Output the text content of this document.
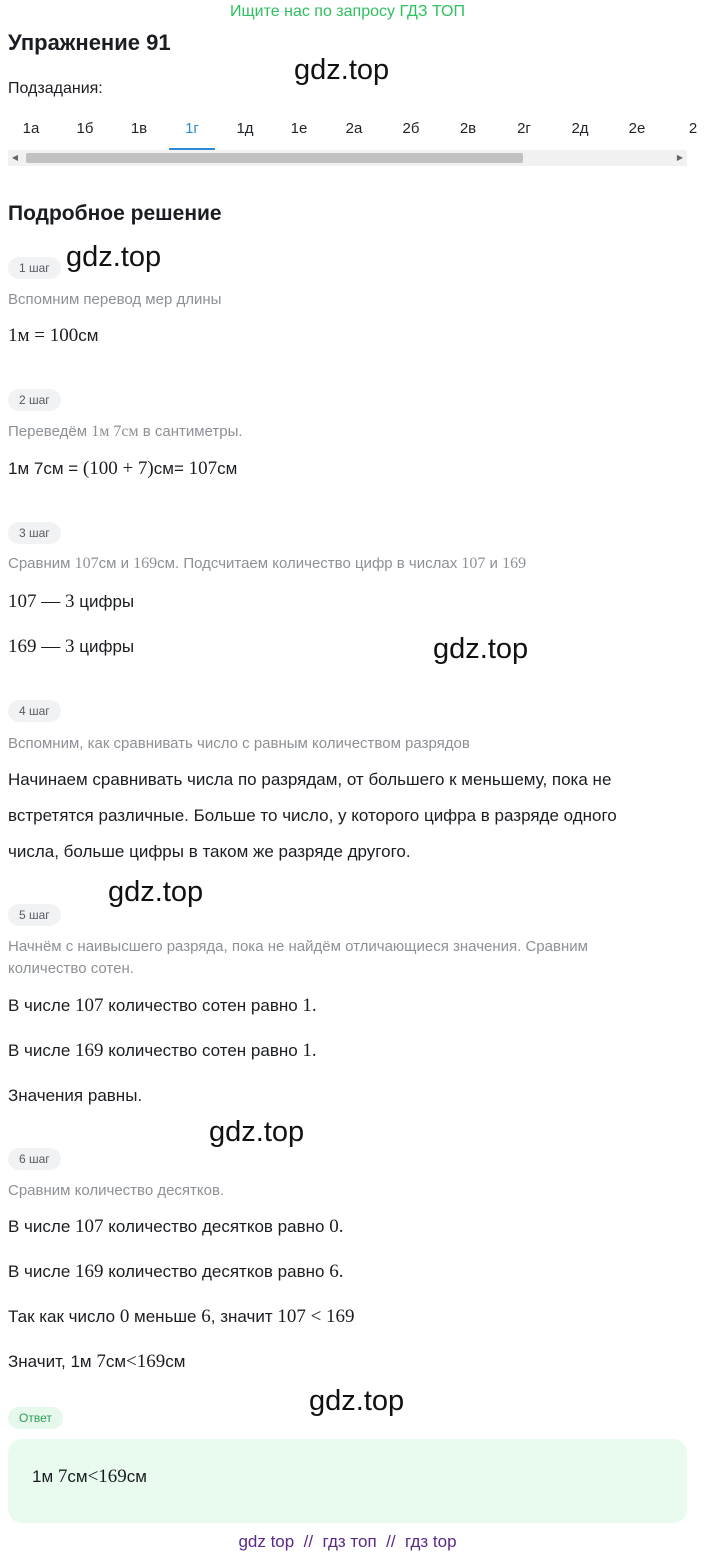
Ищите нас по запросу ГДЗ ТОП
Упражнение 91
Подзадания:
gdz.top
1а	1б	1в	1г	1д	1е	2а	2б	2в	2г	2д	2е	2
◀	▶
Подробное решение
1 шаг gdz.top
Вспомним перевод мер длины
1м = 100см
2 шаг
Переведём 1м 7см в сантиметры.
1м 7см = (100 + 7)см= 107см
3 шаг
Сравним 107см и 169см. Подсчитаем количество цифр в числах 107 и 169
107 — 3 цифры
169 — 3 цифры	gdz.top
4 шаг
Вспомним, как сравнивать число с равным количеством разрядов
Начинаем сравнивать числа по разрядам, от большего к меньшему, пока не
встретятся различные. Больше то число, у которого цифра в разряде одного
числа, больше цифры в таком же разряде другого.
gdz.top
5 шаг
Начнём с наивысшего разряда, пока не найдём отличающиеся значения. Сравним
количество сотен.
В числе 107 количество сотен равно 1.
В числе 169 количество сотен равно 1.
Значения равны.
gdz.top
6 шаг
Сравним количество десятков.
В числе 107 количество десятков равно 0.
В числе 169 количество десятков равно 6.
Так как число 0 меньше 6, значит 107 < 169
Значит, 1м 7см<169см
gdz.top
Ответ
1м 7см<169см
gdz top  //  гдз топ  //  гдз top
